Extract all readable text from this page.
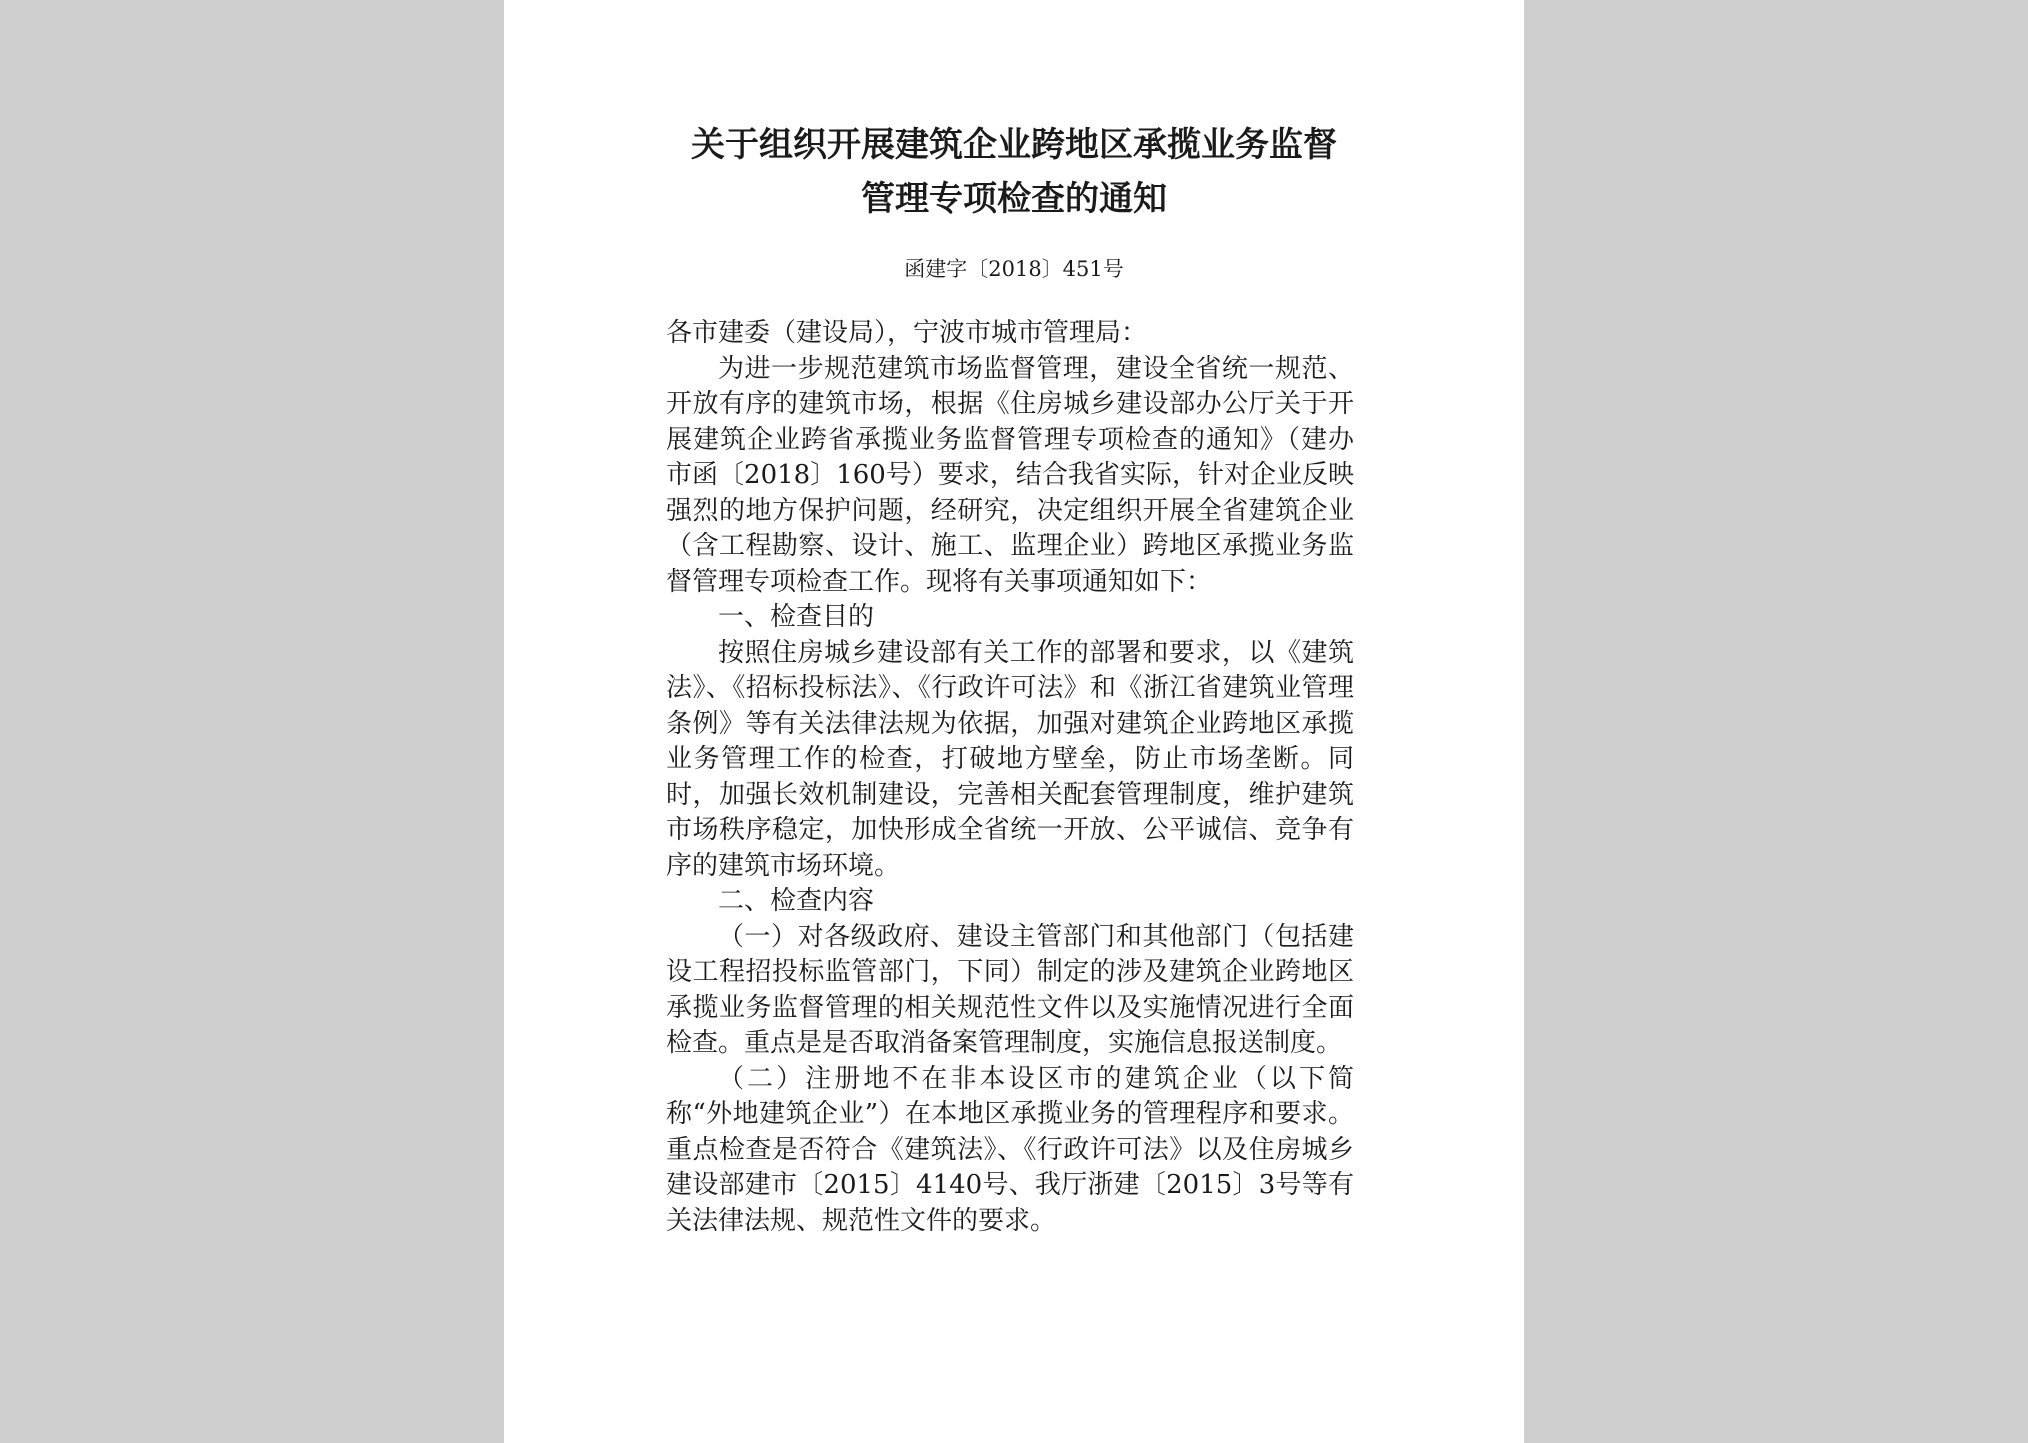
关于组织开展建筑企业跨地区承揽业务监督
管理专项检查的通知
函建字〔2018〕451号

各市建委（建设局），宁波市城市管理局：

为进一步规范建筑市场监督管理，建设全省统一规范、开放有序的建筑市场，根据《住房城乡建设部办公厅关于开展建筑企业跨省承揽业务监督管理专项检查的通知》（建办市函〔2018〕160号）要求，结合我省实际，针对企业反映强烈的地方保护问题，经研究，决定组织开展全省建筑企业（含工程勘察、设计、施工、监理企业）跨地区承揽业务监督管理专项检查工作。现将有关事项通知如下：

一、检查目的

按照住房城乡建设部有关工作的部署和要求，以《建筑法》、《招标投标法》、《行政许可法》和《浙江省建筑业管理条例》等有关法律法规为依据，加强对建筑企业跨地区承揽业务管理工作的检查，打破地方壁垒，防止市场垄断。同时，加强长效机制建设，完善相关配套管理制度，维护建筑市场秩序稳定，加快形成全省统一开放、公平诚信、竞争有序的建筑市场环境。

二、检查内容

（一）对各级政府、建设主管部门和其他部门（包括建设工程招投标监管部门，下同）制定的涉及建筑企业跨地区承揽业务监督管理的相关规范性文件以及实施情况进行全面检查。重点是是否取消备案管理制度，实施信息报送制度。

（二）注册地不在非本设区市的建筑企业（以下简称“外地建筑企业”）在本地区承揽业务的管理程序和要求。重点检查是否符合《建筑法》、《行政许可法》以及住房城乡建设部建市〔2015〕4140号、我厅浙建〔2015〕3号等有关法律法规、规范性文件的要求。
